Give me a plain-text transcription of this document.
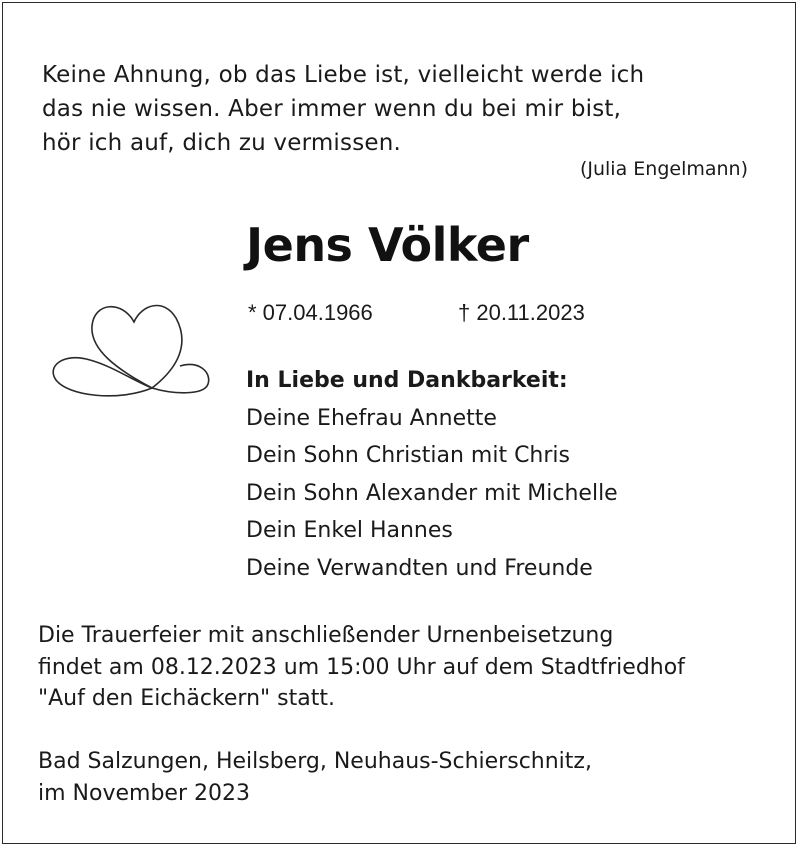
Keine Ahnung, ob das Liebe ist, vielleicht werde ich
das nie wissen. Aber immer wenn du bei mir bist,
hör ich auf, dich zu vermissen.
(Julia Engelmann)
Jens Völker
* 07.04.1966	† 20.11.2023
In Liebe und Dankbarkeit:
Deine Ehefrau Annette
Dein Sohn Christian mit Chris
Dein Sohn Alexander mit Michelle
Dein Enkel Hannes
Deine Verwandten und Freunde
Die Trauerfeier mit anschließender Urnenbeisetzung
findet am 08.12.2023 um 15:00 Uhr auf dem Stadtfriedhof
"Auf den Eichäckern" statt.
Bad Salzungen, Heilsberg, Neuhaus-Schierschnitz,
im November 2023
